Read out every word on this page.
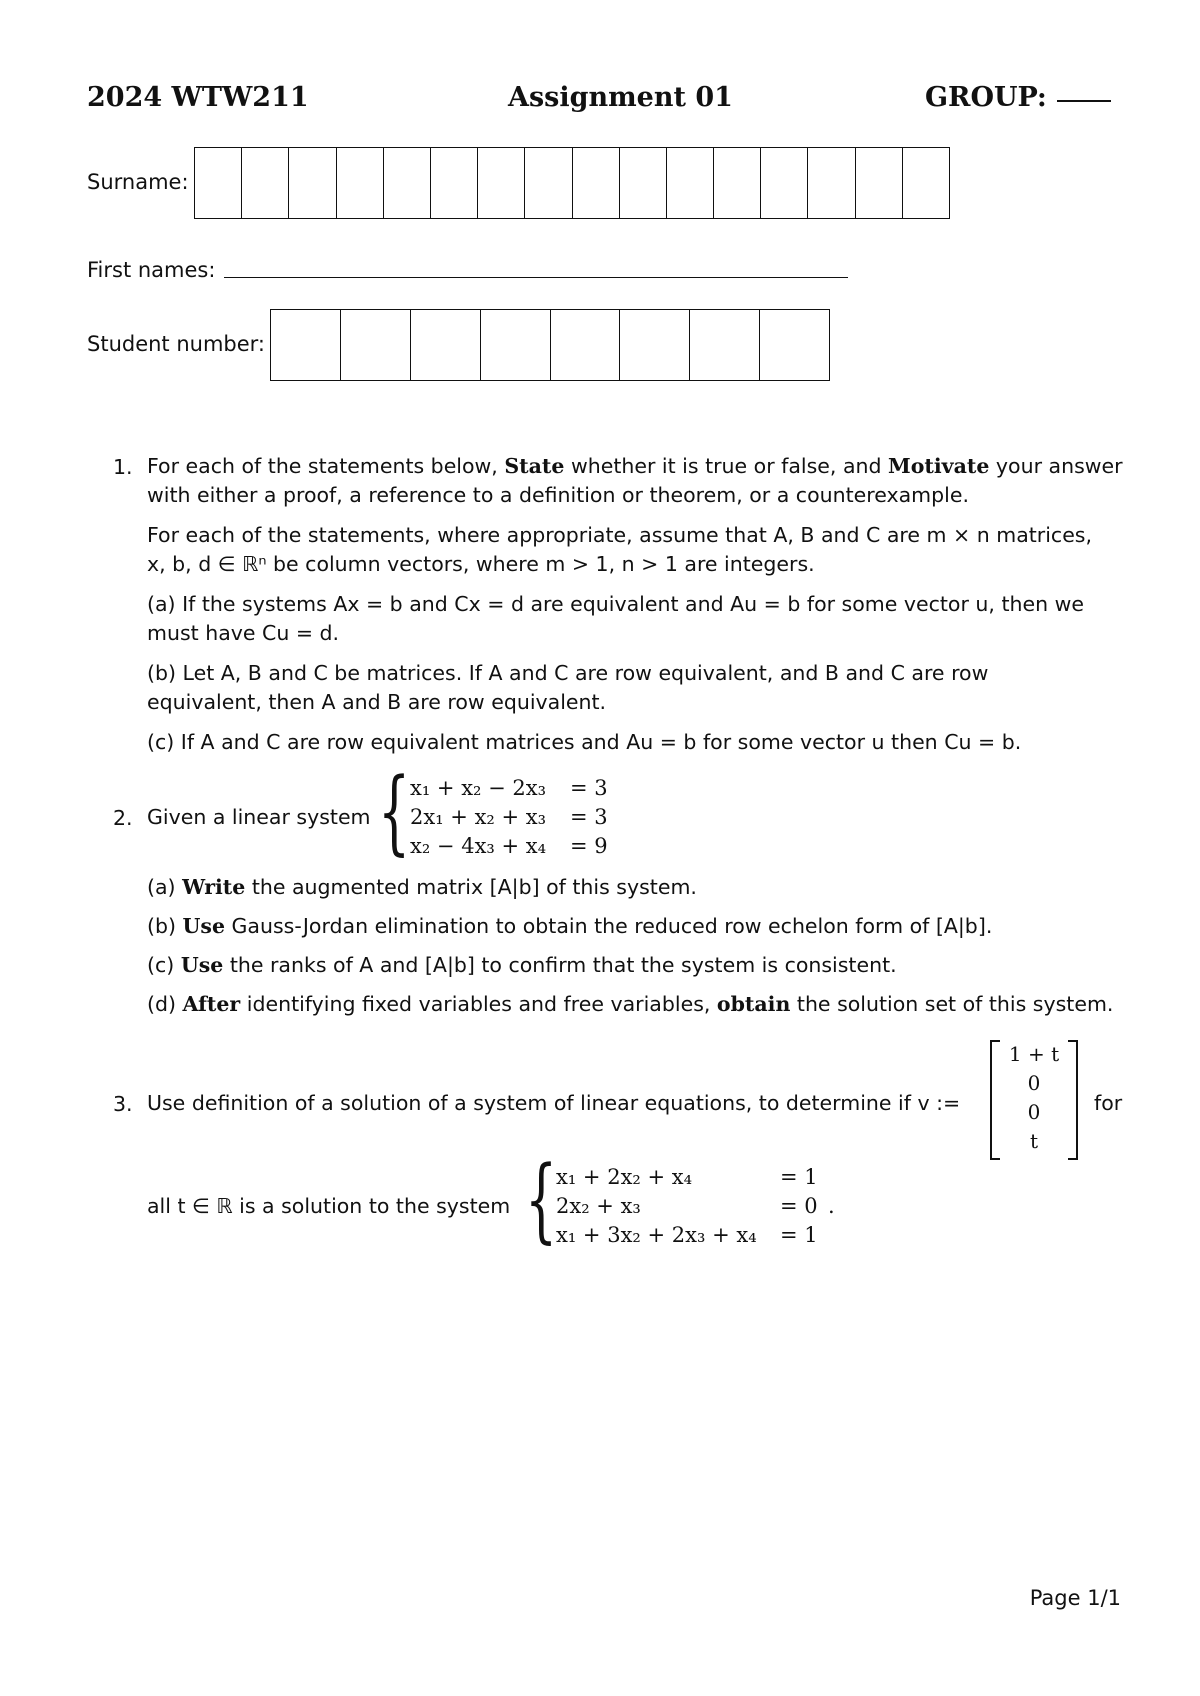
2024 WTW211	Assignment 01	GROUP:
Surname:
First names:
Student number:
1. For each of the statements below, State whether it is true or false, and Motivate your answer
with either a proof, a reference to a definition or theorem, or a counterexample.
For each of the statements, where appropriate, assume that A, B and C are m × n matrices,
x, b, d ∈ ℝⁿ be column vectors, where m > 1, n > 1 are integers.
(a) If the systems Ax = b and Cx = d are equivalent and Au = b for some vector u, then we
must have Cu = d.
(b) Let A, B and C be matrices. If A and C are row equivalent, and B and C are row
equivalent, then A and B are row equivalent.
(c) If A and C are row equivalent matrices and Au = b for some vector u then Cu = b.
2. Given a linear system { x₁ + x₂ − 2x₃ = 3
2x₁ + x₂ + x₃ = 3
x₂ − 4x₃ + x₄ = 9
(a) Write the augmented matrix [A|b] of this system.
(b) Use Gauss-Jordan elimination to obtain the reduced row echelon form of [A|b].
(c) Use the ranks of A and [A|b] to confirm that the system is consistent.
(d) After identifying fixed variables and free variables, obtain the solution set of this system.
3. Use definition of a solution of a system of linear equations, to determine if v :=
1 + t
0
0
t
for
all t ∈ ℝ is a solution to the system {
x₁ + 2x₂ + x₄	= 1
2x₂ + x₃	= 0 .
x₁ + 3x₂ + 2x₃ + x₄ = 1
Page 1/1
